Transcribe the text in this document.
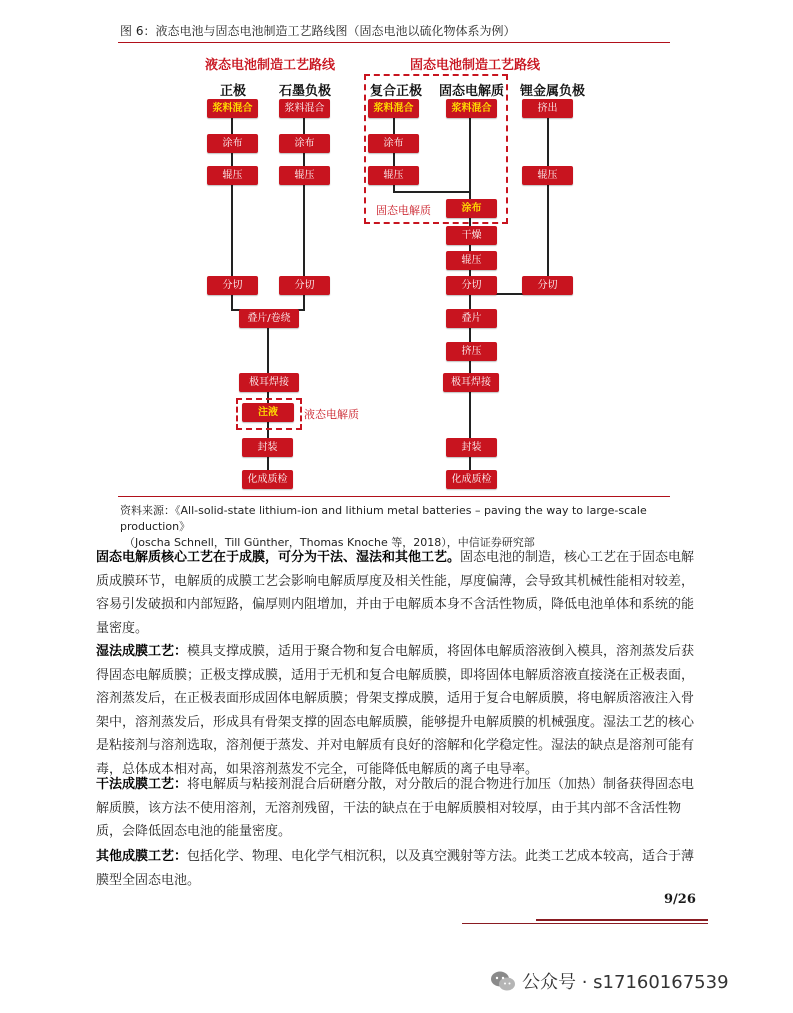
图 6：液态电池与固态电池制造工艺路线图（固态电池以硫化物体系为例）
液态电池制造工艺路线
正极	石墨负极
浆料混合
涂布
辊压
分切
浆料混合
涂布
辊压
分切
叠片/卷绕
极耳焊接
注液	液态电解质
封装
化成质检
固态电池制造工艺路线
复合正极 固态电解质 锂金属负极
浆料混合
涂布
辊压
浆料混合
涂布
固态电解质
挤出
辊压
分切
干燥
辊压
分切
叠片
挤压
极耳焊接
封装
化成质检
资料来源：《All-solid-state lithium-ion and lithium metal batteries – paving the way to large-scale production》
（Joscha Schnell，Till Günther，Thomas Knoche 等，2018），中信证券研究部
固态电解质核心工艺在于成膜，可分为干法、湿法和其他工艺。固态电池的制造，核心工艺在于固态电解质成膜环节，电解质的成膜工艺会影响电解质厚度及相关性能，厚度偏薄，会导致其机械性能相对较差，容易引发破损和内部短路，偏厚则内阻增加，并由于电解质本身不含活性物质，降低电池单体和系统的能量密度。
湿法成膜工艺：模具支撑成膜，适用于聚合物和复合电解质，将固体电解质溶液倒入模具，溶剂蒸发后获得固态电解质膜；正极支撑成膜，适用于无机和复合电解质膜，即将固体电解质溶液直接浇在正极表面，溶剂蒸发后，在正极表面形成固体电解质膜；骨架支撑成膜，适用于复合电解质膜，将电解质溶液注入骨架中，溶剂蒸发后，形成具有骨架支撑的固态电解质膜，能够提升电解质膜的机械强度。湿法工艺的核心是粘接剂与溶剂选取，溶剂便于蒸发、并对电解质有良好的溶解和化学稳定性。湿法的缺点是溶剂可能有毒，总体成本相对高，如果溶剂蒸发不完全，可能降低电解质的离子电导率。
干法成膜工艺：将电解质与粘接剂混合后研磨分散，对分散后的混合物进行加压（加热）制备获得固态电解质膜，该方法不使用溶剂，无溶剂残留，干法的缺点在于电解质膜相对较厚，由于其内部不含活性物质，会降低固态电池的能量密度。
其他成膜工艺：包括化学、物理、电化学气相沉积，以及真空溅射等方法。此类工艺成本较高，适合于薄膜型全固态电池。
9/26
公众号 · s17160167539
